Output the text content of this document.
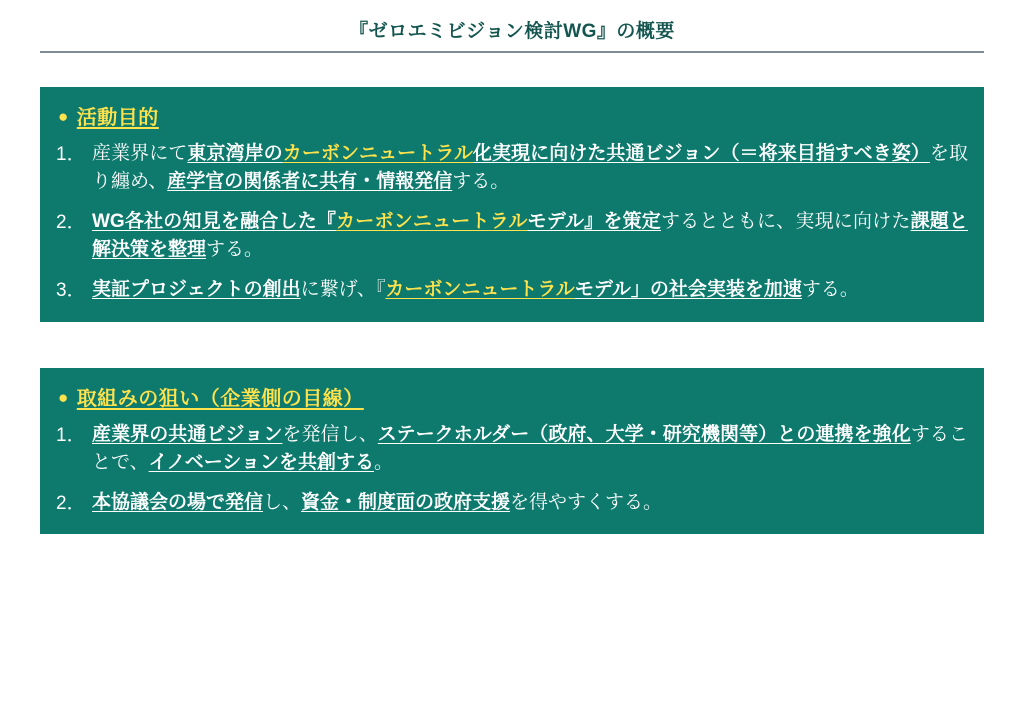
『ゼロエミビジョン検討WG』の概要
● 活動目的
1． 産業界にて東京湾岸のカーボンニュートラル化実現に向けた共通ビジョン（＝将来目指すべき姿）を取り纏め、産学官の関係者に共有・情報発信する。
2． WG各社の知見を融合した『カーボンニュートラルモデル』を策定するとともに、実現に向けた課題と解決策を整理する。
3． 実証プロジェクトの創出に繋げ、『カーボンニュートラルモデル」の社会実装を加速する。
● 取組みの狙い（企業側の目線）
1． 産業界の共通ビジョンを発信し、ステークホルダー（政府、大学・研究機関等）との連携を強化することで、イノベーションを共創する。
2． 本協議会の場で発信し、資金・制度面の政府支援を得やすくする。
